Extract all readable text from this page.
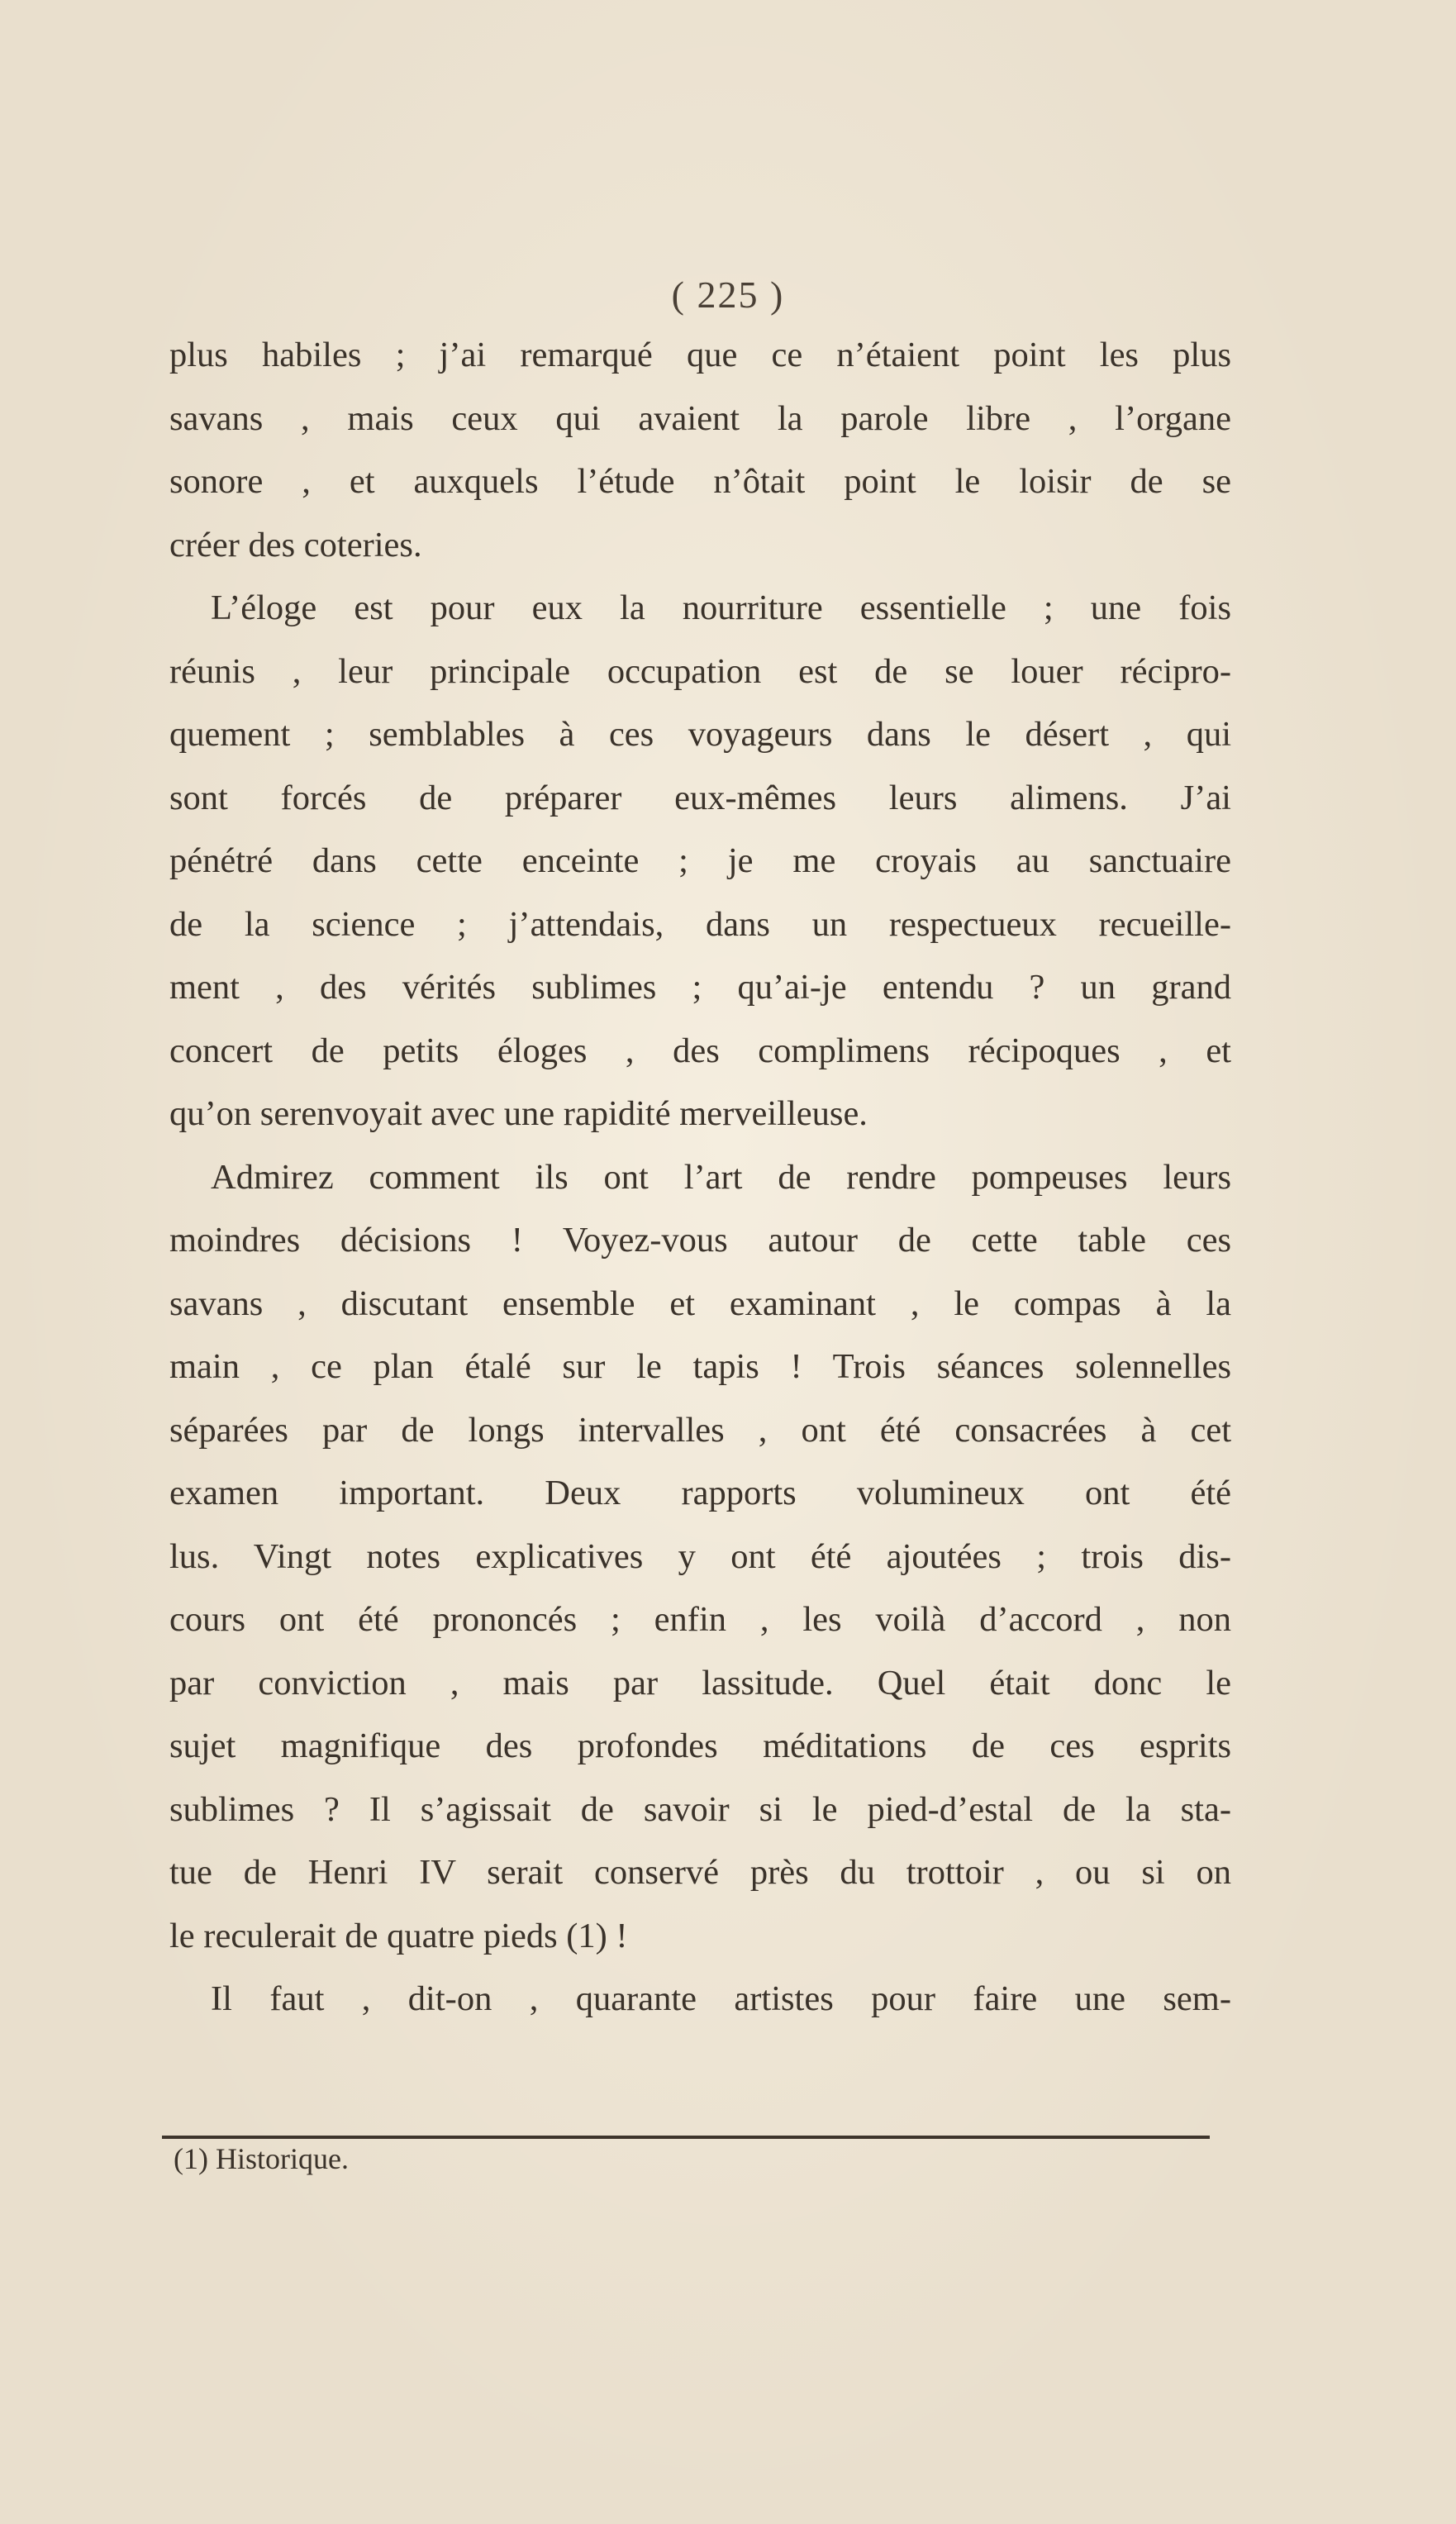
( 225 )
plus habiles ; j’ai remarqué que ce n’étaient point les plus
savans , mais ceux qui avaient la parole libre , l’organe
sonore , et auxquels l’étude n’ôtait point le loisir de se
créer des coteries.
L’éloge est pour eux la nourriture essentielle ; une fois
réunis , leur principale occupation est de se louer récipro-
quement ; semblables à ces voyageurs dans le désert , qui
sont forcés de préparer eux-mêmes leurs alimens. J’ai
pénétré dans cette enceinte ; je me croyais au sanctuaire
de la science ; j’attendais, dans un respectueux recueille-
ment , des vérités sublimes ; qu’ai-je entendu ? un grand
concert de petits éloges , des complimens récipoques , et
qu’on serenvoyait avec une rapidité merveilleuse.
Admirez comment ils ont l’art de rendre pompeuses leurs
moindres décisions ! Voyez-vous autour de cette table ces
savans , discutant ensemble et examinant , le compas à la
main , ce plan étalé sur le tapis ! Trois séances solennelles
séparées par de longs intervalles , ont été consacrées à cet
examen important. Deux rapports volumineux ont été
lus. Vingt notes explicatives y ont été ajoutées ; trois dis-
cours ont été prononcés ; enfin , les voilà d’accord , non
par conviction , mais par lassitude. Quel était donc le
sujet magnifique des profondes méditations de ces esprits
sublimes ? Il s’agissait de savoir si le pied-d’estal de la sta-
tue de Henri IV serait conservé près du trottoir , ou si on
le reculerait de quatre pieds (1) !
Il faut , dit-on , quarante artistes pour faire une sem-
(1) Historique.
